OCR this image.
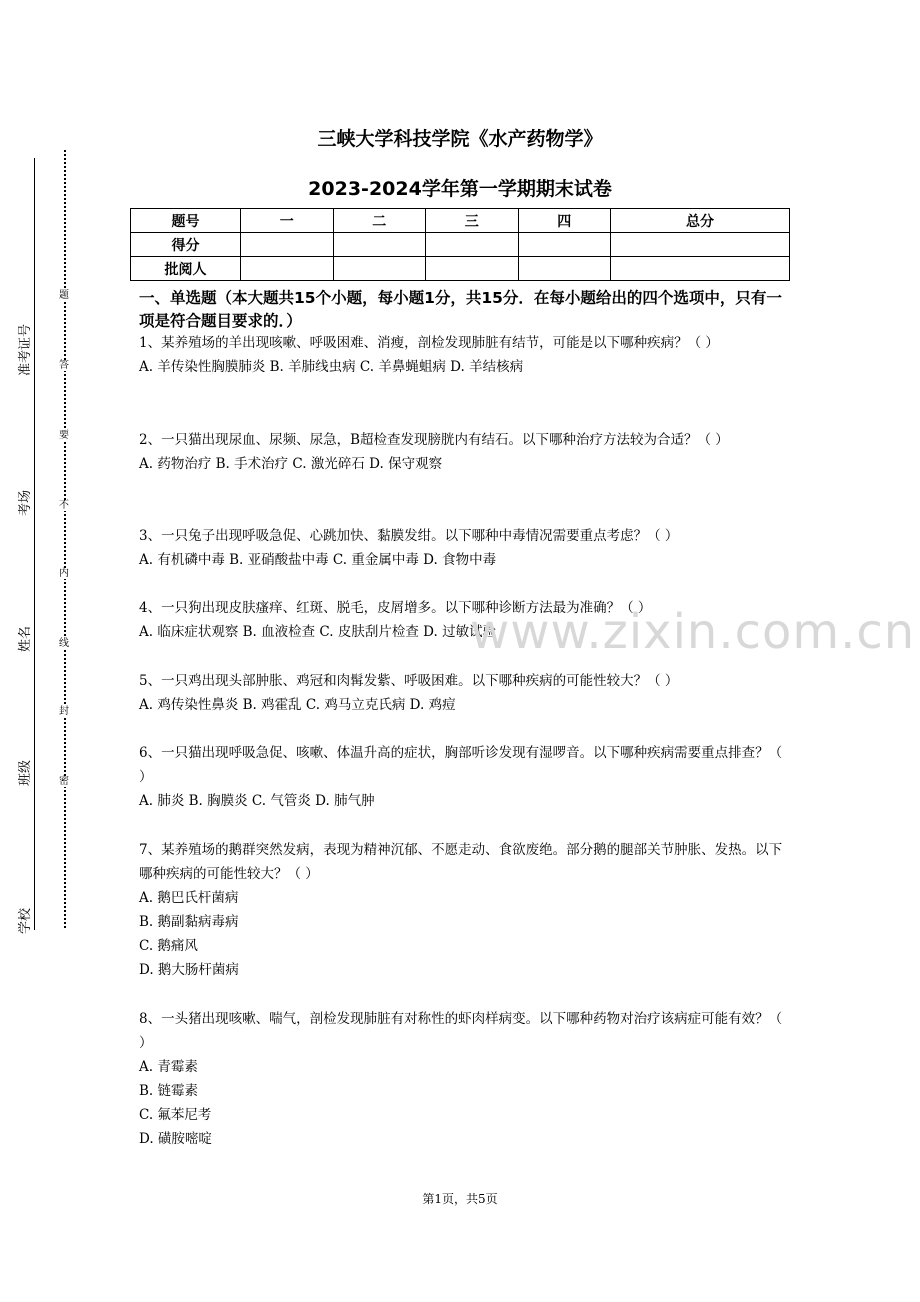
准考证号
考场
姓名
班级
学校
题
答
要
不
内
线
封
密
三峡大学科技学院《水产药物学》
2023-2024学年第一学期期末试卷
题号	一	二	三	四	总分
得分					
批阅人					
一、单选题（本大题共15个小题，每小题1分，共15分．在每小题给出的四个选项中，只有一项是符合题目要求的．）

1、某养殖场的羊出现咳嗽、呼吸困难、消瘦，剖检发现肺脏有结节，可能是以下哪种疾病？（ ）

A. 羊传染性胸膜肺炎 B. 羊肺线虫病 C. 羊鼻蝇蛆病 D. 羊结核病

2、一只猫出现尿血、尿频、尿急，B超检查发现膀胱内有结石。以下哪种治疗方法较为合适？（ ）

A. 药物治疗 B. 手术治疗 C. 激光碎石 D. 保守观察

3、一只兔子出现呼吸急促、心跳加快、黏膜发绀。以下哪种中毒情况需要重点考虑？（ ）

A. 有机磷中毒 B. 亚硝酸盐中毒 C. 重金属中毒 D. 食物中毒

4、一只狗出现皮肤瘙痒、红斑、脱毛，皮屑增多。以下哪种诊断方法最为准确？（ ）

A. 临床症状观察 B. 血液检查 C. 皮肤刮片检查 D. 过敏试验

5、一只鸡出现头部肿胀、鸡冠和肉髯发紫、呼吸困难。以下哪种疾病的可能性较大？（ ）

A. 鸡传染性鼻炎 B. 鸡霍乱 C. 鸡马立克氏病 D. 鸡痘

6、一只猫出现呼吸急促、咳嗽、体温升高的症状，胸部听诊发现有湿啰音。以下哪种疾病需要重点排查？（ ）

A. 肺炎 B. 胸膜炎 C. 气管炎 D. 肺气肿

7、某养殖场的鹅群突然发病，表现为精神沉郁、不愿走动、食欲废绝。部分鹅的腿部关节肿胀、发热。以下哪种疾病的可能性较大？（ ）

A. 鹅巴氏杆菌病

B. 鹅副黏病毒病

C. 鹅痛风

D. 鹅大肠杆菌病

8、一头猪出现咳嗽、喘气，剖检发现肺脏有对称性的虾肉样病变。以下哪种药物对治疗该病症可能有效？（ ）

A. 青霉素

B. 链霉素

C. 氟苯尼考

D. 磺胺嘧啶

www.zixin.com.cn
第1页，共5页
